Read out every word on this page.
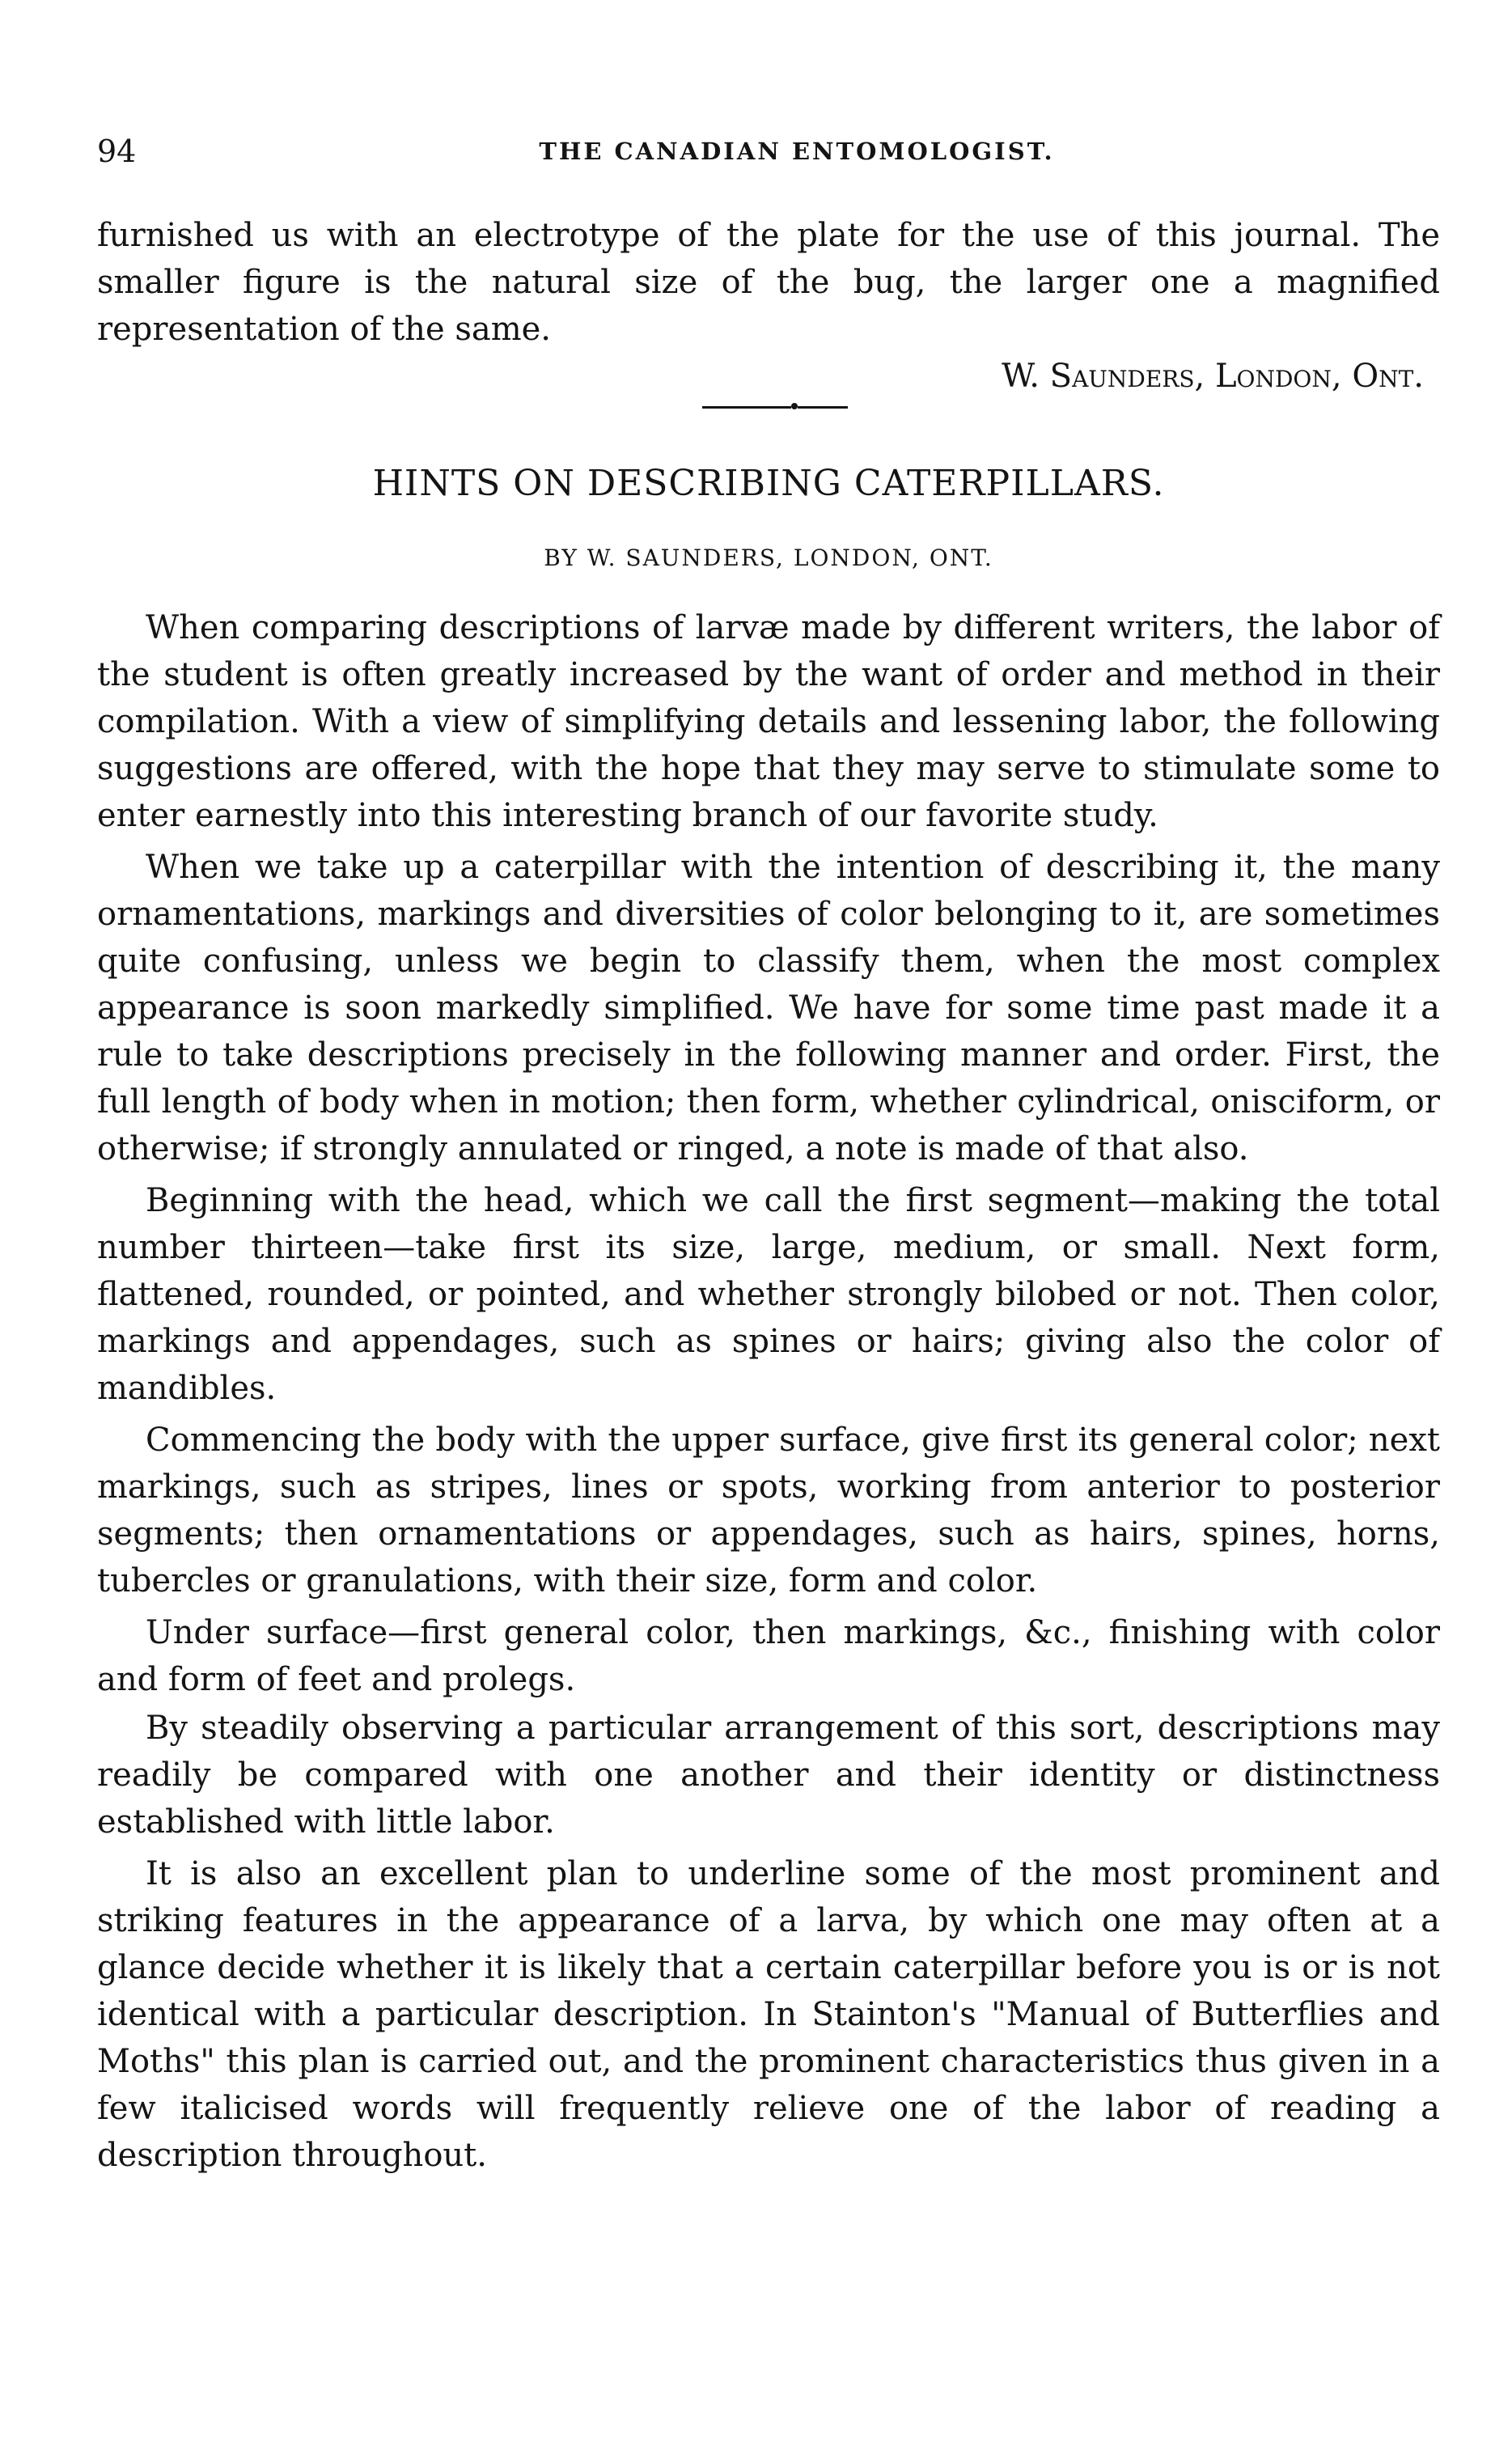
94	THE CANADIAN ENTOMOLOGIST.

furnished us with an electrotype of the plate for the use of this journal. The smaller figure is the natural size of the bug, the larger one a magnified representation of the same.

W. Saunders, London, Ont.
HINTS ON DESCRIBING CATERPILLARS.
BY W. SAUNDERS, LONDON, ONT.

When comparing descriptions of larvæ made by different writers, the labor of the student is often greatly increased by the want of order and method in their compilation. With a view of simplifying details and lessening labor, the following suggestions are offered, with the hope that they may serve to stimulate some to enter earnestly into this interesting branch of our favorite study.

When we take up a caterpillar with the intention of describing it, the many ornamentations, markings and diversities of color belonging to it, are sometimes quite confusing, unless we begin to classify them, when the most complex appearance is soon markedly simplified. We have for some time past made it a rule to take descriptions precisely in the following manner and order. First, the full length of body when in motion; then form, whether cylindrical, onisciform, or otherwise; if strongly annulated or ringed, a note is made of that also.

Beginning with the head, which we call the first segment—making the total number thirteen—take first its size, large, medium, or small. Next form, flattened, rounded, or pointed, and whether strongly bilobed or not. Then color, markings and appendages, such as spines or hairs; giving also the color of mandibles.

Commencing the body with the upper surface, give first its general color; next markings, such as stripes, lines or spots, working from anterior to posterior segments; then ornamentations or appendages, such as hairs, spines, horns, tubercles or granulations, with their size, form and color.

Under surface—first general color, then markings, &c., finishing with color and form of feet and prolegs.

By steadily observing a particular arrangement of this sort, descriptions may readily be compared with one another and their identity or distinctness established with little labor.

It is also an excellent plan to underline some of the most prominent and striking features in the appearance of a larva, by which one may often at a glance decide whether it is likely that a certain caterpillar before you is or is not identical with a particular description. In Stainton's "Manual of Butterflies and Moths" this plan is carried out, and the prominent characteristics thus given in a few italicised words will frequently relieve one of the labor of reading a description throughout.
